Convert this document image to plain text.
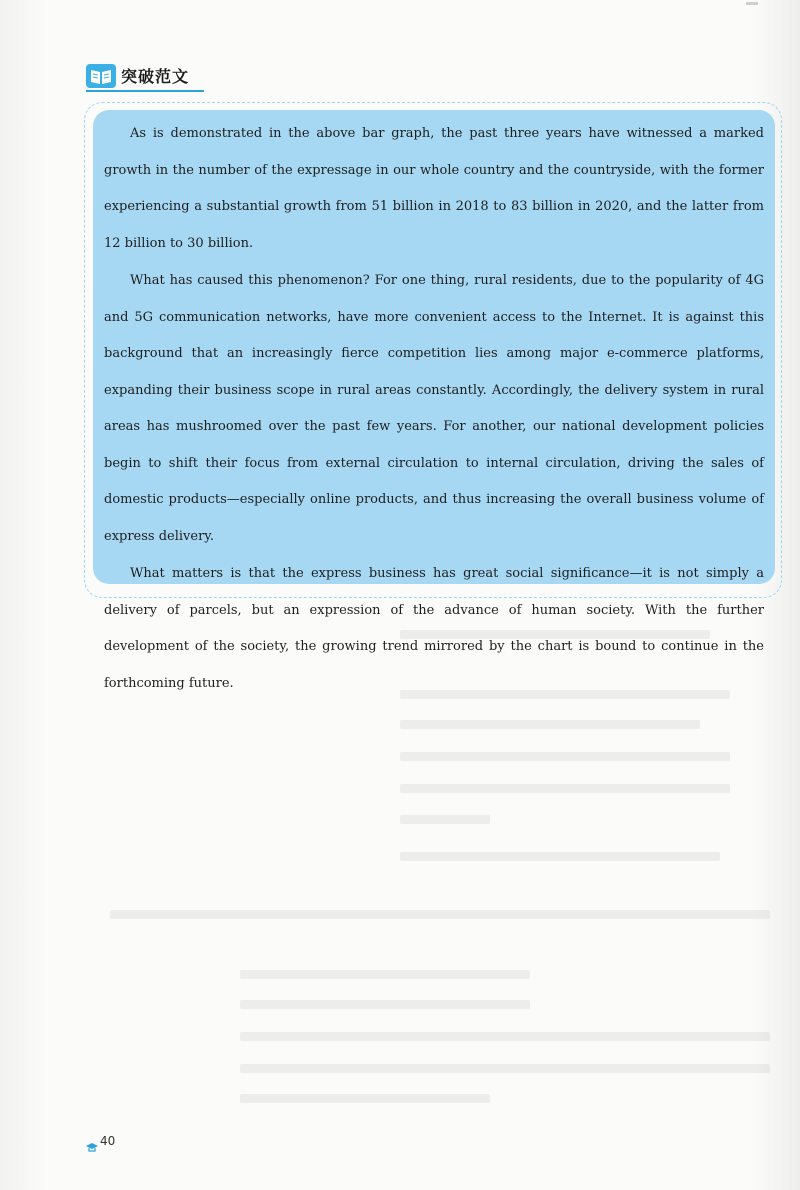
突破范文

As is demonstrated in the above bar graph, the past three years have witnessed a marked growth in the number of the expressage in our whole country and the countryside, with the former experiencing a substantial growth from 51 billion in 2018 to 83 billion in 2020, and the latter from 12 billion to 30 billion.

What has caused this phenomenon? For one thing, rural residents, due to the popularity of 4G and 5G communication networks, have more convenient access to the Internet. It is against this background that an increasingly fierce competition lies among major e-commerce platforms, expanding their business scope in rural areas constantly. Accordingly, the delivery system in rural areas has mushroomed over the past few years. For another, our national development policies begin to shift their focus from external circulation to internal circulation, driving the sales of domestic products—especially online products, and thus increasing the overall business volume of express delivery.

What matters is that the express business has great social significance—it is not simply a delivery of parcels, but an expression of the advance of human society. With the further development of the society, the growing trend mirrored by the chart is bound to continue in the forthcoming future.

40
